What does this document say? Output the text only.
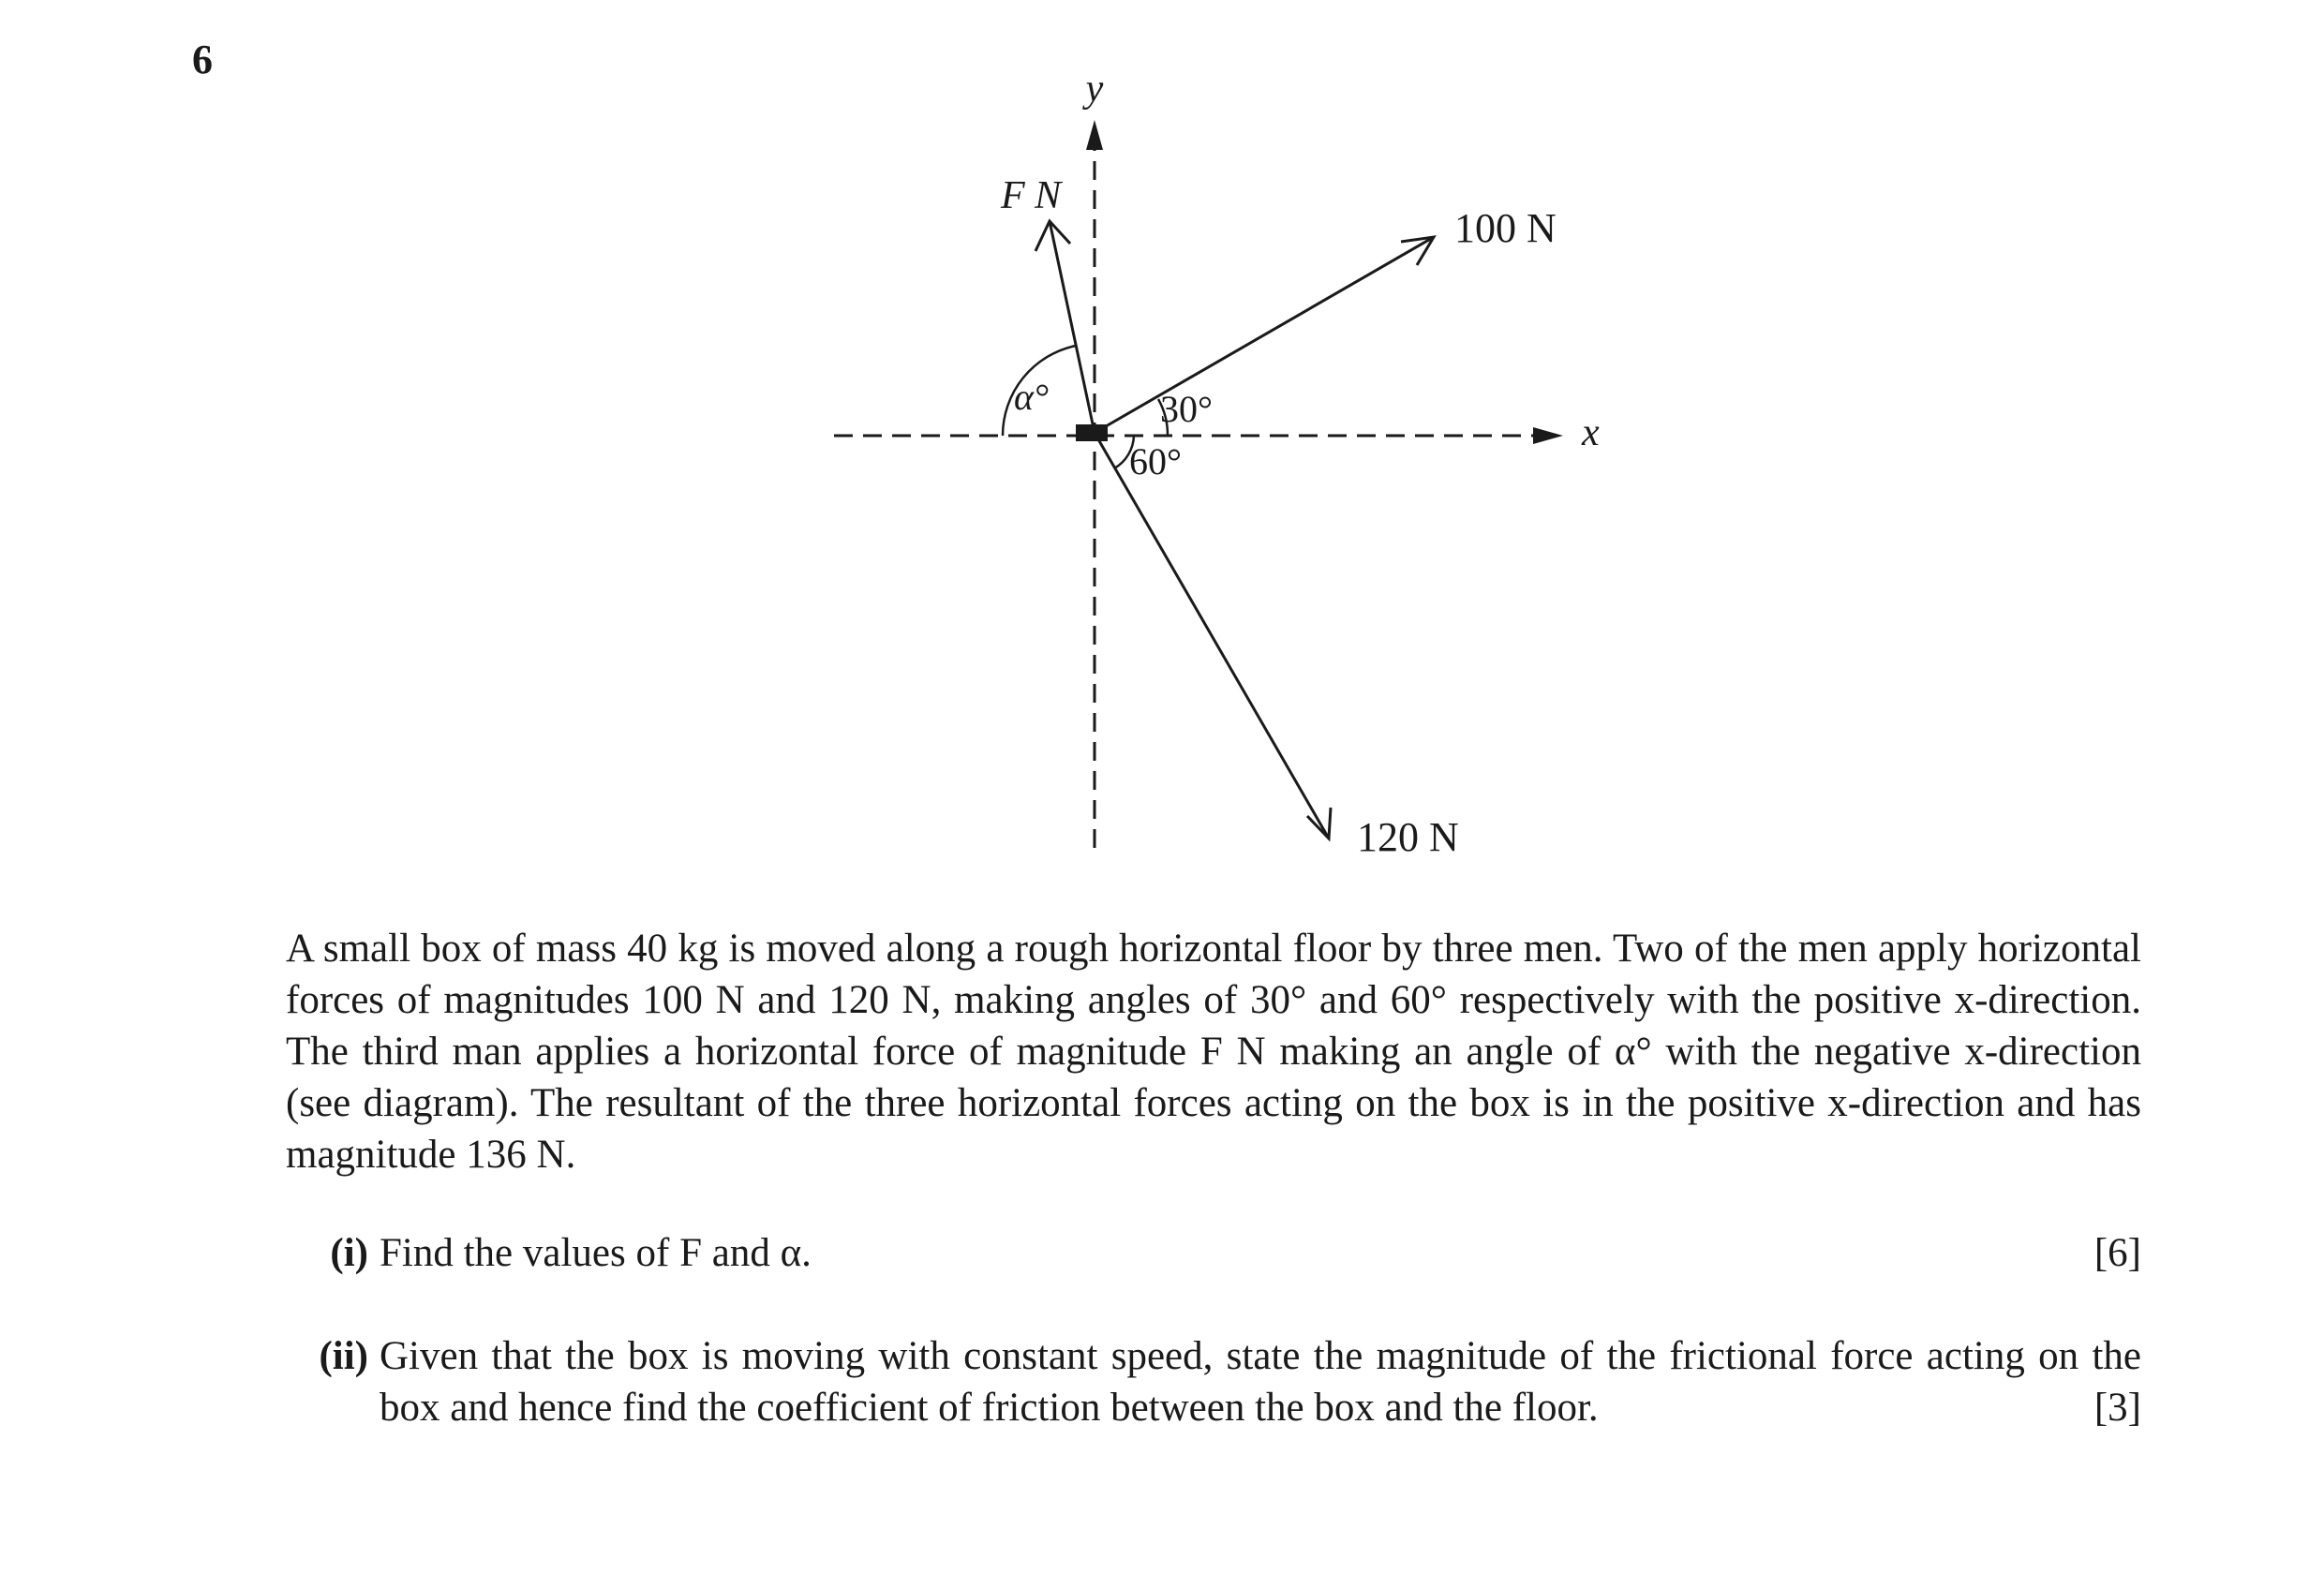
6
y
x
F N
100 N
120 N
α°	30°
60°
A small box of mass 40 kg is moved along a rough horizontal floor by three men. Two of the men apply horizontal forces of magnitudes 100 N and 120 N, making angles of 30° and 60° respectively with the positive x-direction. The third man applies a horizontal force of magnitude F N making an angle of α° with the negative x-direction (see diagram). The resultant of the three horizontal forces acting on the box is in the positive x-direction and has magnitude 136 N.
(i) Find the values of F and α.	[6]
(ii) Given that the box is moving with constant speed, state the magnitude of the frictional force acting on the box and hence find the coefficient of friction between the box and the floor.	[3]
